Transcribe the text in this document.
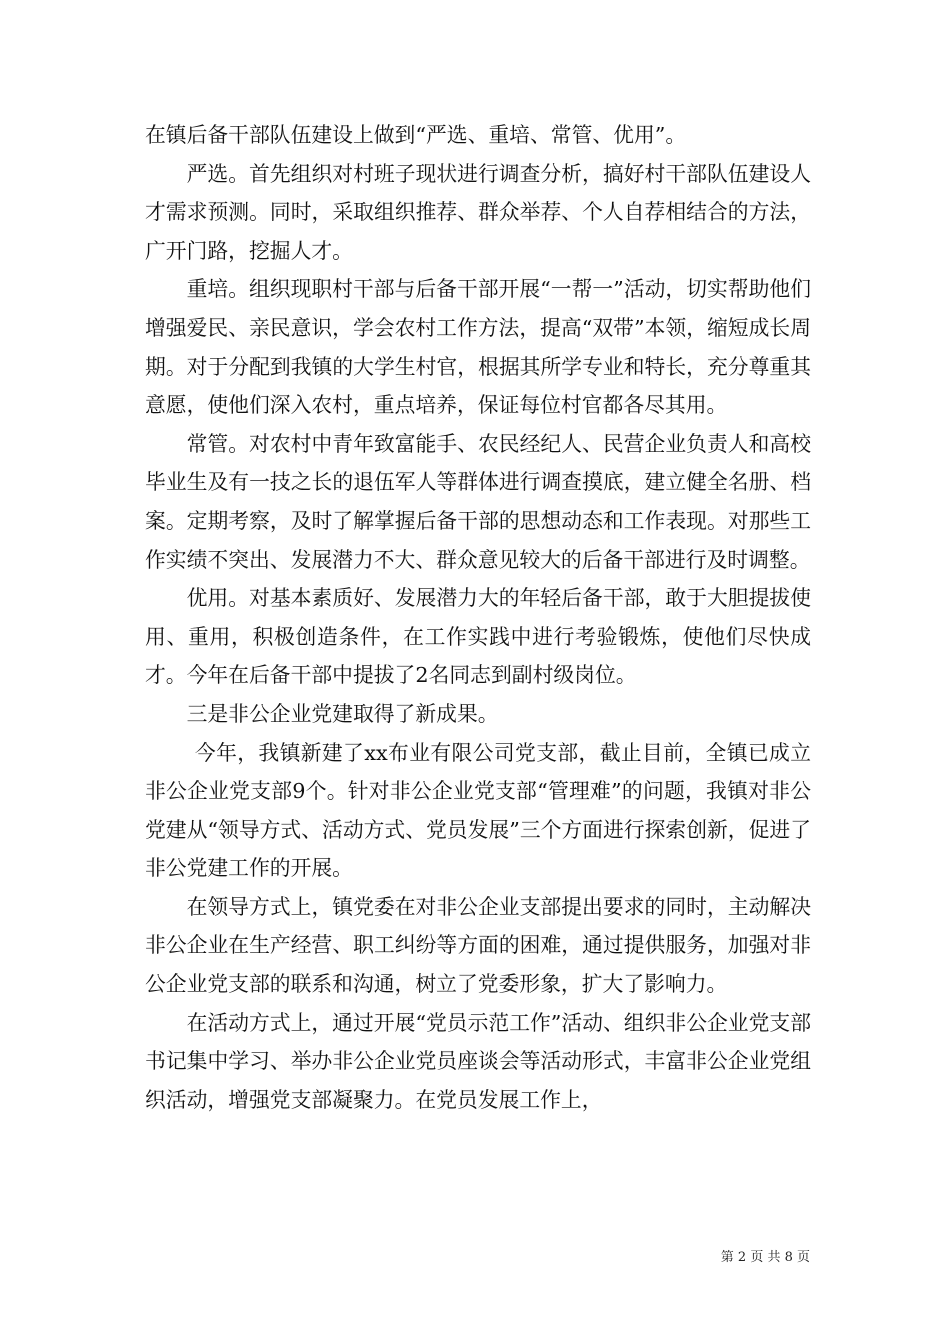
在镇后备干部队伍建设上做到“严选、重培、常管、优用”。

严选。首先组织对村班子现状进行调查分析，搞好村干部队伍建设人才需求预测。同时，采取组织推荐、群众举荐、个人自荐相结合的方法，广开门路，挖掘人才。

重培。组织现职村干部与后备干部开展“一帮一”活动，切实帮助他们增强爱民、亲民意识，学会农村工作方法，提高“双带”本领，缩短成长周期。对于分配到我镇的大学生村官，根据其所学专业和特长，充分尊重其意愿，使他们深入农村，重点培养，保证每位村官都各尽其用。

常管。对农村中青年致富能手、农民经纪人、民营企业负责人和高校毕业生及有一技之长的退伍军人等群体进行调查摸底，建立健全名册、档案。定期考察，及时了解掌握后备干部的思想动态和工作表现。对那些工作实绩不突出、发展潜力不大、群众意见较大的后备干部进行及时调整。

优用。对基本素质好、发展潜力大的年轻后备干部，敢于大胆提拔使用、重用，积极创造条件，在工作实践中进行考验锻炼，使他们尽快成才。今年在后备干部中提拔了2名同志到副村级岗位。

三是非公企业党建取得了新成果。

今年，我镇新建了xx布业有限公司党支部，截止目前，全镇已成立非公企业党支部9个。针对非公企业党支部“管理难”的问题，我镇对非公党建从“领导方式、活动方式、党员发展”三个方面进行探索创新，促进了非公党建工作的开展。

在领导方式上，镇党委在对非公企业支部提出要求的同时，主动解决非公企业在生产经营、职工纠纷等方面的困难，通过提供服务，加强对非公企业党支部的联系和沟通，树立了党委形象，扩大了影响力。

在活动方式上，通过开展“党员示范工作”活动、组织非公企业党支部书记集中学习、举办非公企业党员座谈会等活动形式，丰富非公企业党组织活动，增强党支部凝聚力。在党员发展工作上，

第 2 页 共 8 页
